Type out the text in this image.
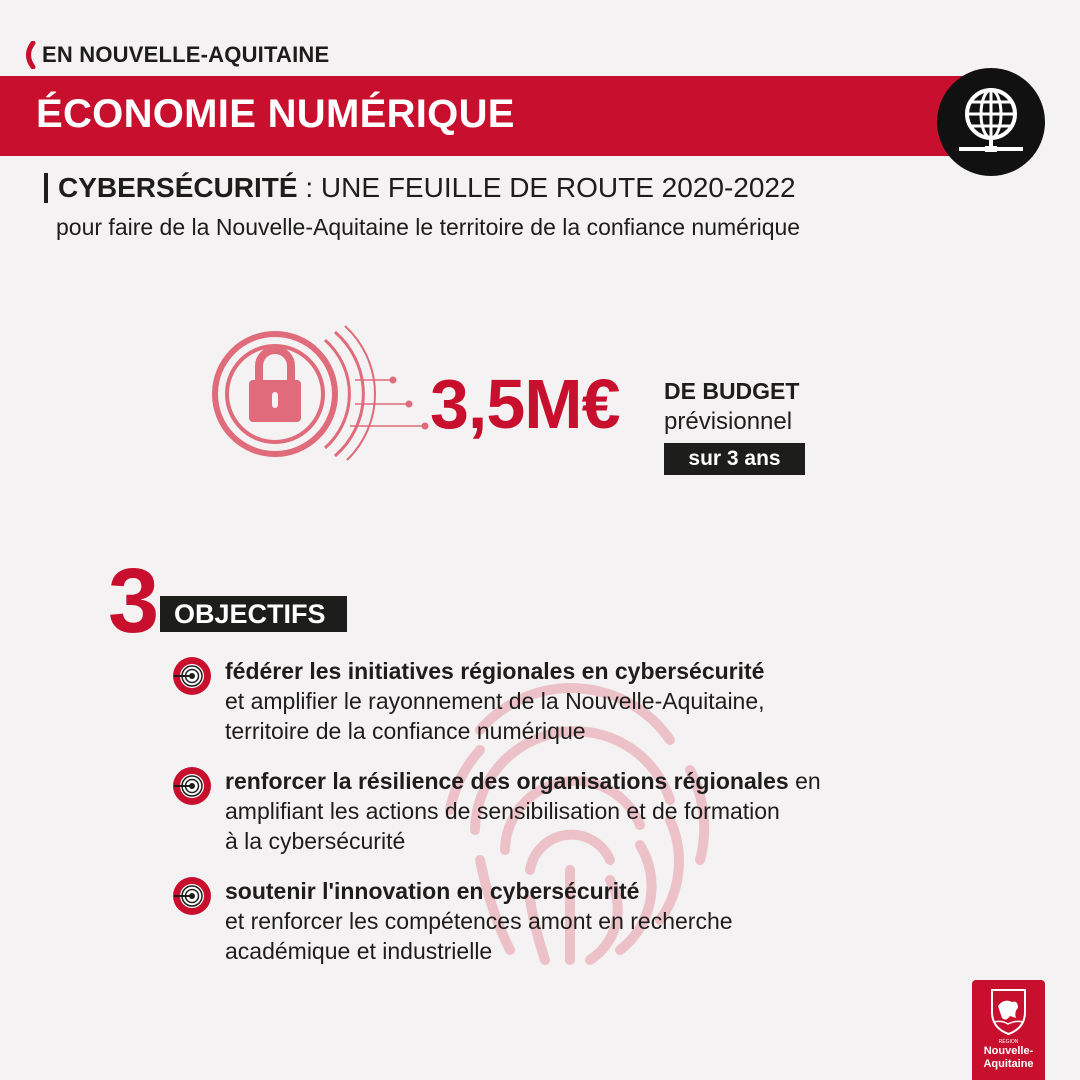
EN NOUVELLE-AQUITAINE
ÉCONOMIE NUMÉRIQUE
CYBERSÉCURITÉ : UNE FEUILLE DE ROUTE 2020-2022
pour faire de la Nouvelle-Aquitaine le territoire de la confiance numérique
3,5M€ DE BUDGET
prévisionnel
sur 3 ans
3 OBJECTIFS
fédérer les initiatives régionales en cybersécurité
et amplifier le rayonnement de la Nouvelle-Aquitaine,
territoire de la confiance numérique
renforcer la résilience des organisations régionales en
amplifiant les actions de sensibilisation et de formation
à la cybersécurité
soutenir l'innovation en cybersécurité
et renforcer les compétences amont en recherche
académique et industrielle
RÉGION
Nouvelle-
Aquitaine
